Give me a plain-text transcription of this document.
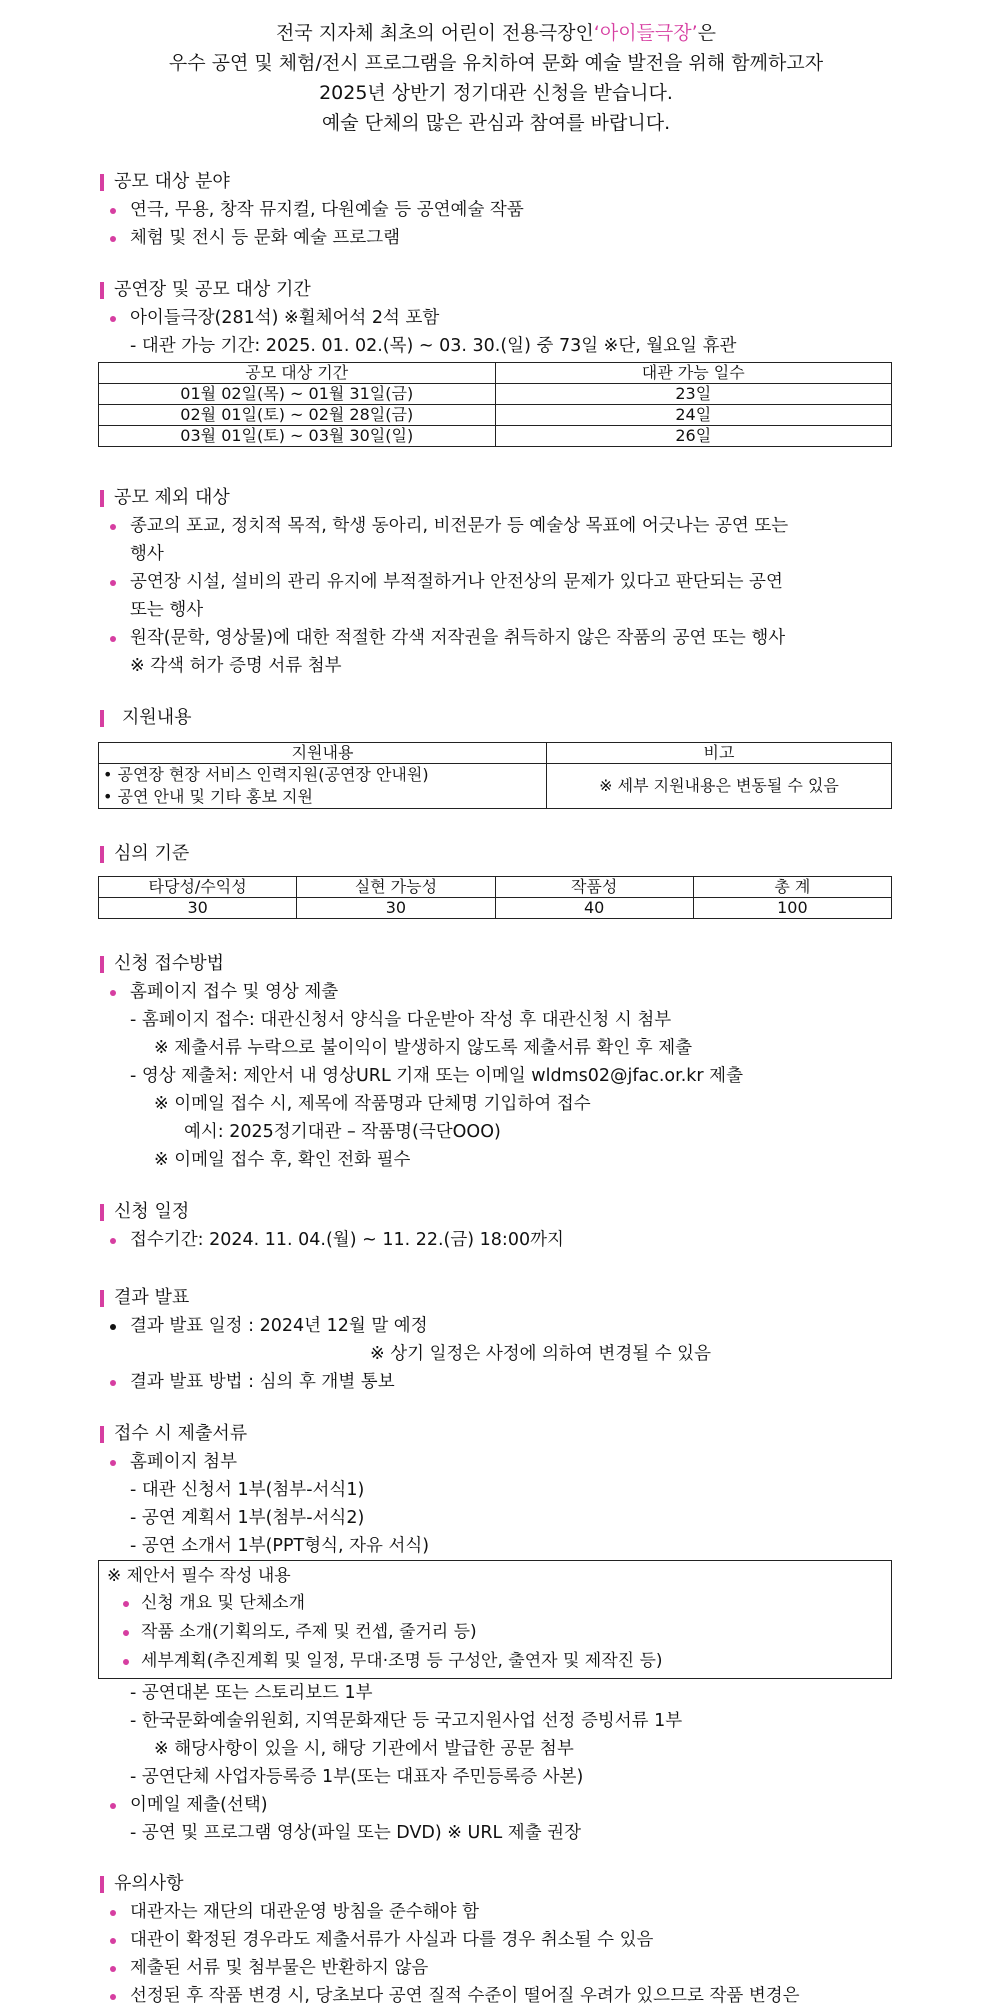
전국 지자체 최초의 어린이 전용극장인‘아이들극장’은
우수 공연 및 체험/전시 프로그램을 유치하여 문화 예술 발전을 위해 함께하고자
2025년 상반기 정기대관 신청을 받습니다.
예술 단체의 많은 관심과 참여를 바랍니다.
공모 대상 분야
연극, 무용, 창작 뮤지컬, 다원예술 등 공연예술 작품
체험 및 전시 등 문화 예술 프로그램
공연장 및 공모 대상 기간
아이들극장(281석) ※휠체어석 2석 포함
- 대관 가능 기간: 2025. 01. 02.(목) ~ 03. 30.(일) 중 73일 ※단, 월요일 휴관
공모 대상 기간	대관 가능 일수
01월 02일(목) ~ 01월 31일(금)	23일
02월 01일(토) ~ 02월 28일(금)	24일
03월 01일(토) ~ 03월 30일(일)	26일
공모 제외 대상
종교의 포교, 정치적 목적, 학생 동아리, 비전문가 등 예술상 목표에 어긋나는 공연 또는
행사
공연장 시설, 설비의 관리 유지에 부적절하거나 안전상의 문제가 있다고 판단되는 공연
또는 행사
원작(문학, 영상물)에 대한 적절한 각색 저작권을 취득하지 않은 작품의 공연 또는 행사
※ 각색 허가 증명 서류 첨부
지원내용
지원내용	비고

• 공연장 현장 서비스 인력지원(공연장 안내원)
• 공연 안내 및 기타 홍보 지원	※ 세부 지원내용은 변동될 수 있음
심의 기준
타당성/수익성	실현 가능성	작품성	총 계
30	30	40	100
신청 접수방법
홈페이지 접수 및 영상 제출
- 홈페이지 접수: 대관신청서 양식을 다운받아 작성 후 대관신청 시 첨부
※ 제출서류 누락으로 불이익이 발생하지 않도록 제출서류 확인 후 제출
- 영상 제출처: 제안서 내 영상URL 기재 또는 이메일 wldms02@jfac.or.kr 제출
※ 이메일 접수 시, 제목에 작품명과 단체명 기입하여 접수
예시: 2025정기대관 – 작품명(극단OOO)
※ 이메일 접수 후, 확인 전화 필수
신청 일정
접수기간: 2024. 11. 04.(월) ~ 11. 22.(금) 18:00까지
결과 발표
결과 발표 일정 : 2024년 12월 말 예정
※ 상기 일정은 사정에 의하여 변경될 수 있음
결과 발표 방법 : 심의 후 개별 통보
접수 시 제출서류
홈페이지 첨부
- 대관 신청서 1부(첨부-서식1)
- 공연 계획서 1부(첨부-서식2)
- 공연 소개서 1부(PPT형식, 자유 서식)
※ 제안서 필수 작성 내용
신청 개요 및 단체소개
작품 소개(기획의도, 주제 및 컨셉, 줄거리 등)
세부계획(추진계획 및 일정, 무대·조명 등 구성안, 출연자 및 제작진 등)
- 공연대본 또는 스토리보드 1부
- 한국문화예술위원회, 지역문화재단 등 국고지원사업 선정 증빙서류 1부
※ 해당사항이 있을 시, 해당 기관에서 발급한 공문 첨부
- 공연단체 사업자등록증 1부(또는 대표자 주민등록증 사본)
이메일 제출(선택)
- 공연 및 프로그램 영상(파일 또는 DVD) ※ URL 제출 권장
유의사항
대관자는 재단의 대관운영 방침을 준수해야 함
대관이 확정된 경우라도 제출서류가 사실과 다를 경우 취소될 수 있음
제출된 서류 및 첨부물은 반환하지 않음
선정된 후 작품 변경 시, 당초보다 공연 질적 수준이 떨어질 우려가 있으므로 작품 변경은
